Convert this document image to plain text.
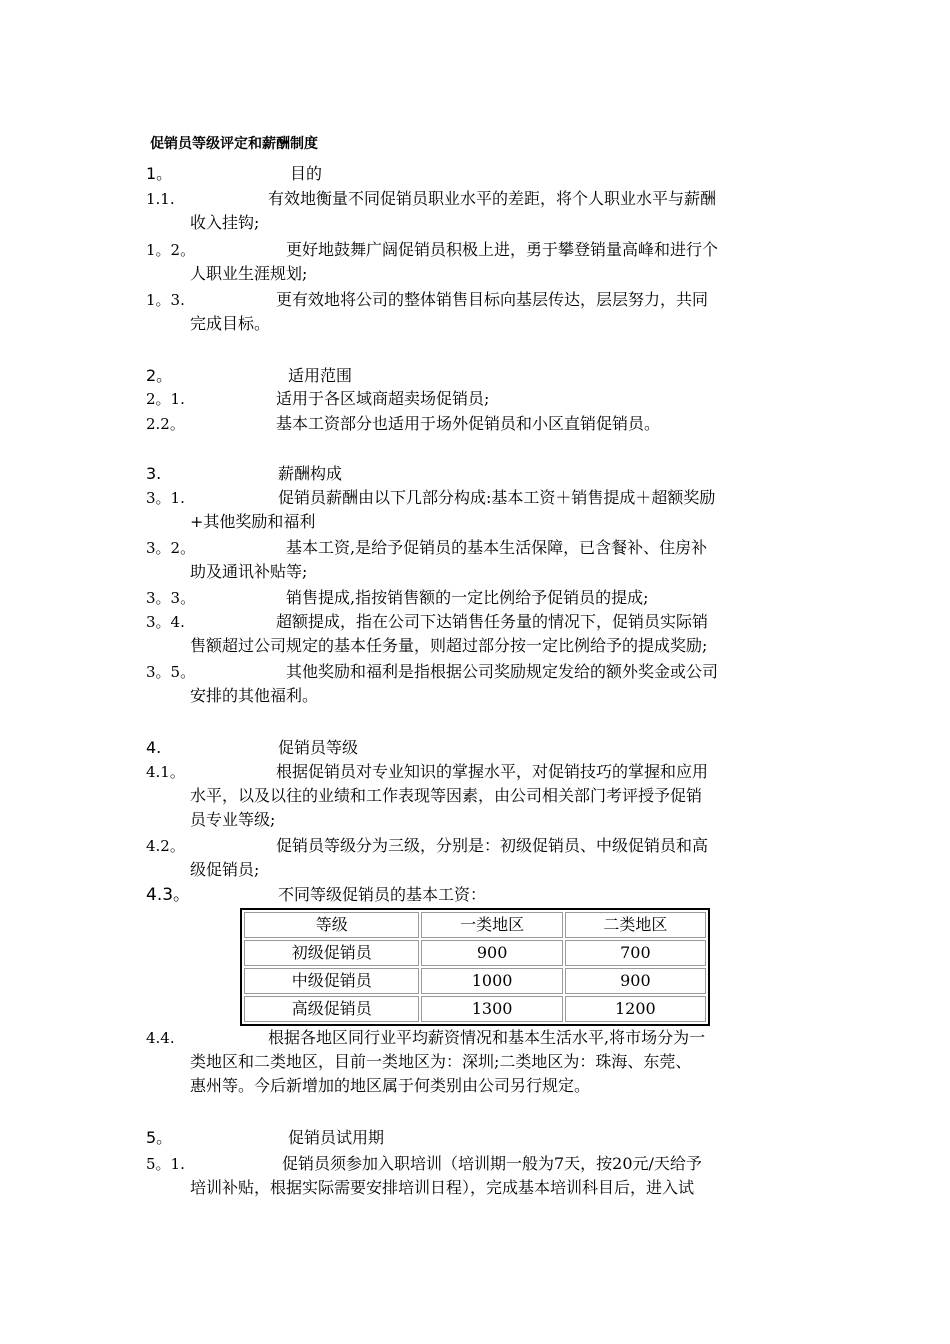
促销员等级评定和薪酬制度
1。	目的
1.1.	有效地衡量不同促销员职业水平的差距，将个人职业水平与薪酬
收入挂钩;
1。2。	更好地鼓舞广阔促销员积极上进，勇于攀登销量高峰和进行个
人职业生涯规划;
1。3.	更有效地将公司的整体销售目标向基层传达，层层努力，共同
完成目标。
2。	适用范围
2。1.	适用于各区域商超卖场促销员;
2.2。	基本工资部分也适用于场外促销员和小区直销促销员。
3.	薪酬构成
3。1.	促销员薪酬由以下几部分构成:基本工资＋销售提成＋超额奖励
+其他奖励和福利
3。2。	基本工资,是给予促销员的基本生活保障，已含餐补、住房补
助及通讯补贴等;
3。3。	销售提成,指按销售额的一定比例给予促销员的提成;
3。4.	超额提成，指在公司下达销售任务量的情况下，促销员实际销
售额超过公司规定的基本任务量，则超过部分按一定比例给予的提成奖励;
3。5。	其他奖励和福利是指根据公司奖励规定发给的额外奖金或公司
安排的其他福利。
4.	促销员等级
4.1。	根据促销员对专业知识的掌握水平，对促销技巧的掌握和应用
水平，以及以往的业绩和工作表现等因素，由公司相关部门考评授予促销
员专业等级;
4.2。	促销员等级分为三级，分别是：初级促销员、中级促销员和高
级促销员;
4.3。	不同等级促销员的基本工资：
等级	一类地区	二类地区
初级促销员	900	700
中级促销员	1000	900
高级促销员	1300	1200
4.4.	根据各地区同行业平均薪资情况和基本生活水平,将市场分为一
类地区和二类地区，目前一类地区为：深圳;二类地区为：珠海、东莞、
惠州等。今后新增加的地区属于何类别由公司另行规定。
5。	促销员试用期
5。1.	促销员须参加入职培训（培训期一般为7天，按20元/天给予
培训补贴，根据实际需要安排培训日程），完成基本培训科目后，进入试
